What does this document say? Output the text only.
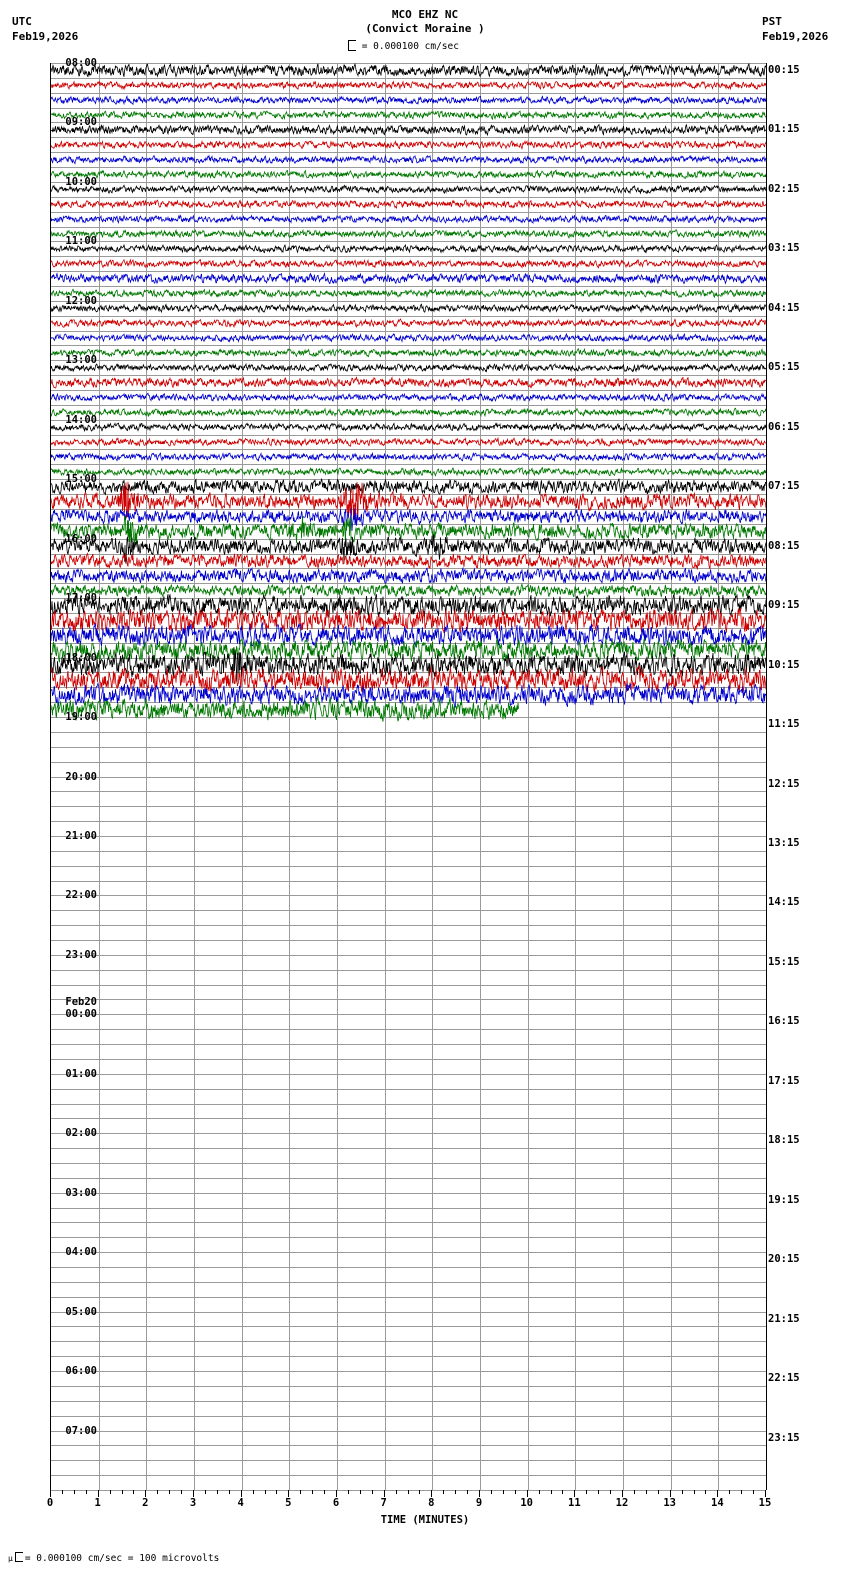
UTC
Feb19,2026
PST
Feb19,2026
MCO EHZ NC
(Convict Moraine )
= 0.000100 cm/sec
08:00
09:00
10:00
11:00
12:00
13:00
14:00
15:00
16:00
17:00
18:00
19:00
20:00
21:00
22:00
23:00
00:00
Feb20
01:00
02:00
03:00
04:00
05:00
06:00
07:00
00:15
01:15
02:15
03:15
04:15
05:15
06:15
07:15
08:15
09:15
10:15
11:15
12:15
13:15
14:15
15:15
16:15
17:15
18:15
19:15
20:15
21:15
22:15
23:15
0	1	2	3	4	5	6	7	8	9	10	11	12	13	14	15
TIME (MINUTES)
μ = 0.000100 cm/sec = 100 microvolts
